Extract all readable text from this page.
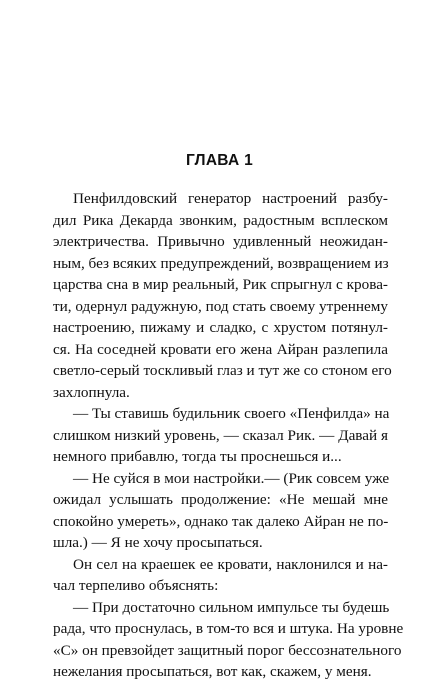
ГЛАВА 1
Пенфилдовский генератор настроений разбу-
дил Рика Декарда звонким, радостным всплеском
электричества. Привычно удивленный неожидан-
ным, без всяких предупреждений, возвращением из
царства сна в мир реальный, Рик спрыгнул с крова-
ти, одернул радужную, под стать своему утреннему
настроению, пижаму и сладко, с хрустом потянул-
ся. На соседней кровати его жена Айран разлепила
светло-серый тоскливый глаз и тут же со стоном его
захлопнула.
— Ты ставишь будильник своего «Пенфилда» на
слишком низкий уровень, — сказал Рик. — Давай я
немного прибавлю, тогда ты проснешься и...
— Не суйся в мои настройки.— (Рик совсем уже
ожидал услышать продолжение: «Не мешай мне
спокойно умереть», однако так далеко Айран не по-
шла.) — Я не хочу просыпаться.
Он сел на краешек ее кровати, наклонился и на-
чал терпеливо объяснять:
— При достаточно сильном импульсе ты будешь
рада, что проснулась, в том-то вся и штука. На уровне
«С» он превзойдет защитный порог бессознательного
нежелания просыпаться, вот как, скажем, у меня.
